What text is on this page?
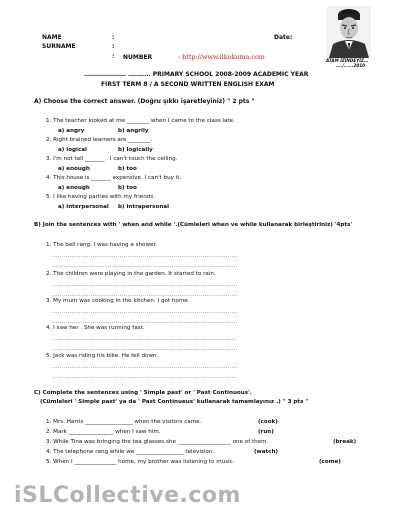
NAME	:
SURNAME	:
: NUMBER	: http://www.ilkokuma.com
Date:
ATAM İZİNDEYİZ...
..../......2010
………………… ……….. PRIMARY SCHOOL 2008-2009 ACADEMIC YEAR
FIRST TERM 8 / A SECOND WRITTEN ENGLISH EXAM
A) Choose the correct answer. (Doğru şıkkı işaretleyiniz) " 2 pts "
1. The teacher looked at me ________ when I came to the class late.
a) angry	b) angrily
2. Right brained learners are ________.
a) logical	b) logically
3. I'm not tall _______ . I can't touch the ceiling.
a) enough	b) too
4. This house is _______ expensive. I can't buy it.
a) enough	b) too
5. I like having parties with my friends.
a) interpersonal b) intrapersonal
B) Join the sentences with ' when and while '.(Cümleleri when ve while kullanarak birleştiriniz) '4pts'
1. The bell rang. I was having a shower.
……………………………………………………………………………………
……………………………………………………………………………………
2. The children were playing in the garden. It started to rain.
……………………………………………………………………………………
……………………………………………………………………………………
3. My mum was cooking in the kitchen. I got home.
……………………………………………………………………………………
……………………………………………………………………………………
4. I saw her . She was running fast.
……………………………………………………………………………………
……………………………………………………………………………………
5. Jack was riding his bike. He fell down.
……………………………………………………………………………………
……………………………………………………………………………………
C) Complete the sentences using ' Simple past' or ' Past Continuous'.
(Cümleleri ' Simple past' ya da ' Past Continueus' kullanarak tamamlayınız .) " 3 pts "
1. Mrs. Harris _________________ when the visitors came.	(cook)
2. Mark ________________ when I saw him.	(run)
3. While Tina was bringing the tea glasses,she ___________________ one of them.	(break)
4. The telephone rang while we _________________ television.	(watch)
5. When I _______________ home, my brother was listening to music.	(come)
iSLCollective.com
